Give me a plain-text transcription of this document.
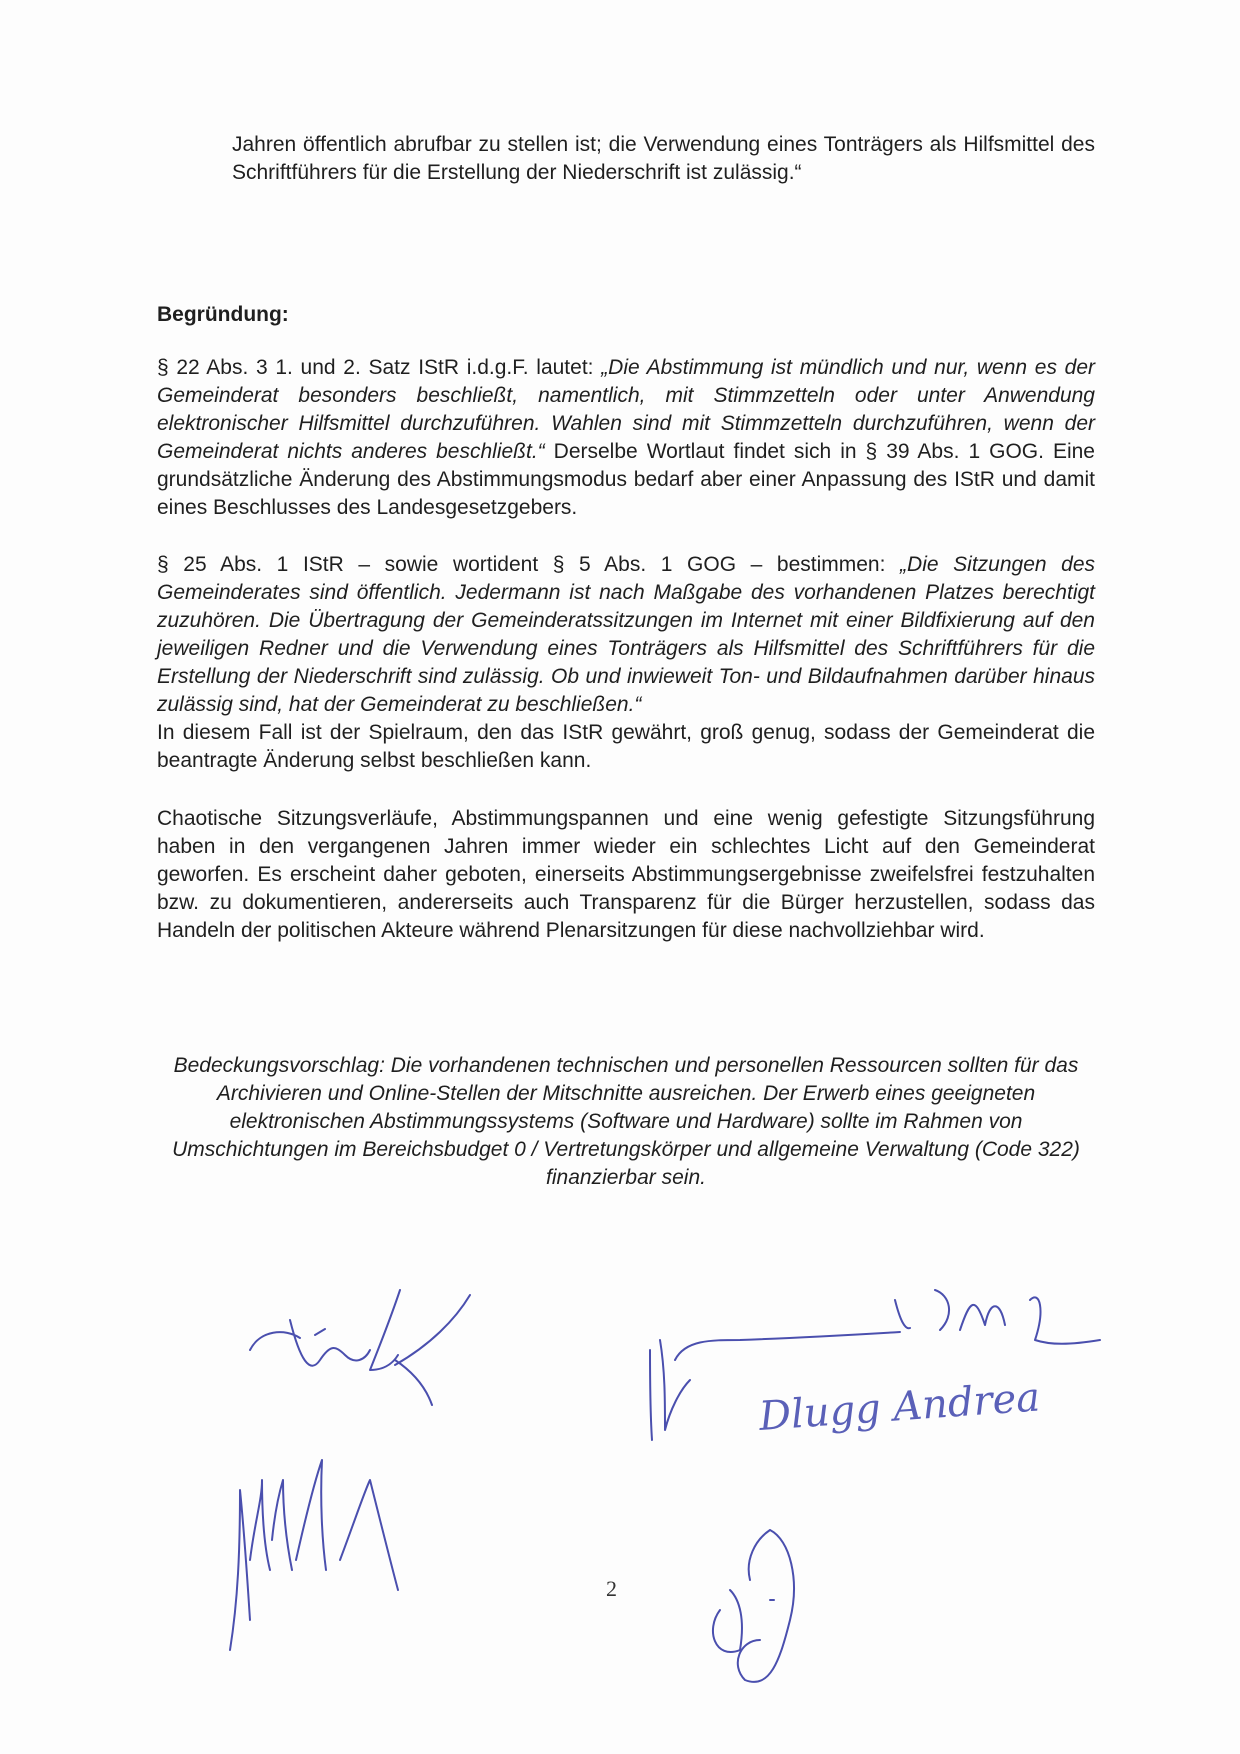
Jahren öffentlich abrufbar zu stellen ist; die Verwendung eines Tonträgers als Hilfsmittel des Schriftführers für die Erstellung der Niederschrift ist zulässig.“
Begründung:
§ 22 Abs. 3 1. und 2. Satz IStR i.d.g.F. lautet: „Die Abstimmung ist mündlich und nur, wenn es der Gemeinderat besonders beschließt, namentlich, mit Stimmzetteln oder unter Anwendung elektronischer Hilfsmittel durchzuführen. Wahlen sind mit Stimmzetteln durchzuführen, wenn der Gemeinderat nichts anderes beschließt.“ Derselbe Wortlaut findet sich in § 39 Abs. 1 GOG. Eine grundsätzliche Änderung des Abstimmungsmodus bedarf aber einer Anpassung des IStR und damit eines Beschlusses des Landesgesetzgebers.
§ 25 Abs. 1 IStR – sowie wortident § 5 Abs. 1 GOG – bestimmen: „Die Sitzungen des Gemeinderates sind öffentlich. Jedermann ist nach Maßgabe des vorhandenen Platzes berechtigt zuzuhören. Die Übertragung der Gemeinderatssitzungen im Internet mit einer Bildfixierung auf den jeweiligen Redner und die Verwendung eines Tonträgers als Hilfsmittel des Schriftführers für die Erstellung der Niederschrift sind zulässig. Ob und inwieweit Ton- und Bildaufnahmen darüber hinaus zulässig sind, hat der Gemeinderat zu beschließen.“
In diesem Fall ist der Spielraum, den das IStR gewährt, groß genug, sodass der Gemeinderat die beantragte Änderung selbst beschließen kann.
Chaotische Sitzungsverläufe, Abstimmungspannen und eine wenig gefestigte Sitzungsführung haben in den vergangenen Jahren immer wieder ein schlechtes Licht auf den Gemeinderat geworfen. Es erscheint daher geboten, einerseits Abstimmungsergebnisse zweifelsfrei festzuhalten bzw. zu dokumentieren, andererseits auch Transparenz für die Bürger herzustellen, sodass das Handeln der politischen Akteure während Plenarsitzungen für diese nachvollziehbar wird.
Bedeckungsvorschlag: Die vorhandenen technischen und personellen Ressourcen sollten für das Archivieren und Online-Stellen der Mitschnitte ausreichen. Der Erwerb eines geeigneten elektronischen Abstimmungssystems (Software und Hardware) sollte im Rahmen von Umschichtungen im Bereichsbudget 0 / Vertretungskörper und allgemeine Verwaltung (Code 322) finanzierbar sein.
Dlugg Andrea
2
